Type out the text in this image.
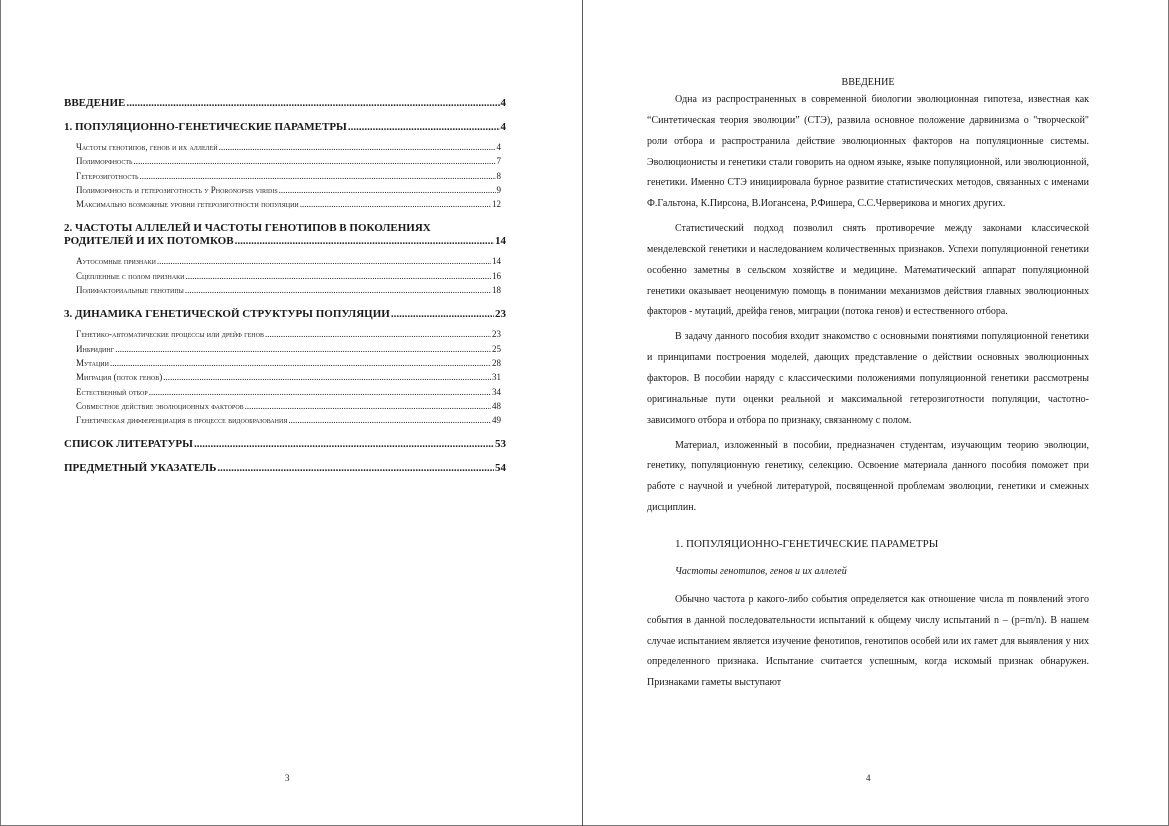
ВВЕДЕНИЕ .....	4
1. ПОПУЛЯЦИОННО-ГЕНЕТИЧЕСКИЕ ПАРАМЕТРЫ .....	4
Частоты генотипов, генов и их аллелей .....	4
Полиморфность .....	7
Гетерозиготность .....	8
Полиморфность и гетерозиготность у Phoronopsis viridis .....	9
Максимально возможные уровни гетерозиготности популяции .....	12
2. ЧАСТОТЫ АЛЛЕЛЕЙ И ЧАСТОТЫ ГЕНОТИПОВ В ПОКОЛЕНИЯХ
РОДИТЕЛЕЙ И ИХ ПОТОМКОВ .....	14
Аутосомные признаки .....	14
Сцепленные с полом признаки .....	16
Полифакториальные генотипы .....	18
3. ДИНАМИКА ГЕНЕТИЧЕСКОЙ СТРУКТУРЫ ПОПУЛЯЦИИ .....	23
Генетико-автоматические процессы или дрейф генов .....	23
Инбридинг .....	25
Мутации .....	28
Миграция (поток генов) .....	31
Естественный отбор .....	34
Совместное действие эволюционных факторов .....	48
Генетическая дифференциация в процессе видообразования .....	49
СПИСОК ЛИТЕРАТУРЫ .....	53
ПРЕДМЕТНЫЙ УКАЗАТЕЛЬ .....	54
3
ВВЕДЕНИЕ

Одна из распространенных в современной биологии эволюционная гипотеза, известная как “Синтетическая теория эволюции” (СТЭ), развила основное положение дарвинизма о "творческой" роли отбора и распространила действие эволюционных факторов на популяционные системы. Эволюционисты и генетики стали говорить на одном языке, языке популяционной, или эволюционной, генетики. Именно СТЭ инициировала бурное развитие статистических методов, связанных с именами Ф.Гальтона, К.Пирсона, В.Иогансена, Р.Фишера, С.С.Черверикова и многих других.

Статистический подход позволил снять противоречие между законами классической менделевской генетики и наследованием количественных признаков. Успехи популяционной генетики особенно заметны в сельском хозяйстве и медицине. Математический аппарат популяционной генетики оказывает неоценимую помощь в понимании механизмов действия главных эволюционных факторов - мутаций, дрейфа генов, миграции (потока генов) и естественного отбора.

В задачу данного пособия входит знакомство с основными понятиями популяционной генетики и принципами построения моделей, дающих представление о действии основных эволюционных факторов. В пособии наряду с классическими положениями популяционной генетики рассмотрены оригинальные пути оценки реальной и максимальной гетерозиготности популяции, частотно-зависимого отбора и отбора по признаку, связанному с полом.

Материал, изложенный в пособии, предназначен студентам, изучающим теорию эволюции, генетику, популяционную генетику, селекцию. Освоение материала данного пособия поможет при работе с научной и учебной литературой, посвященной проблемам эволюции, генетики и смежных дисциплин.

1. ПОПУЛЯЦИОННО-ГЕНЕТИЧЕСКИЕ ПАРАМЕТРЫ
Частоты генотипов, генов и их аллелей

Обычно частота p какого-либо события определяется как отношение числа m появлений этого события в данной последовательности испытаний к общему числу испытаний n – (p=m/n). В нашем случае испытанием является изучение фенотипов, генотипов особей или их гамет для выявления у них определенного признака. Испытание считается успешным, когда искомый признак обнаружен. Признаками гаметы выступают

4
